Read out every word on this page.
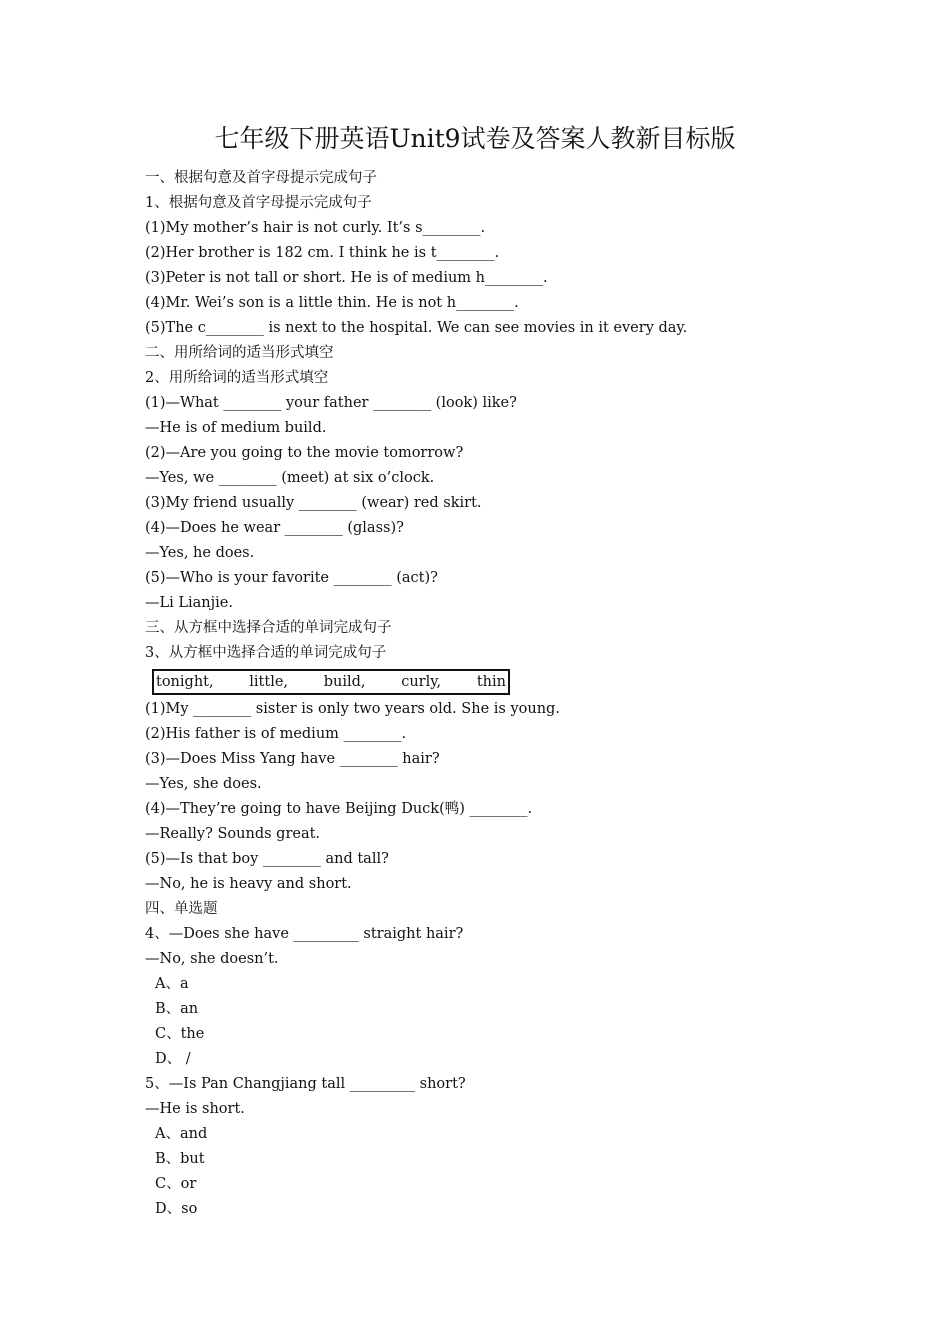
七年级下册英语Unit9试卷及答案人教新目标版
一、根据句意及首字母提示完成句子
1、根据句意及首字母提示完成句子
(1)My mother’s hair is not curly. It’s s________.
(2)Her brother is 182 cm. I think he is t________.
(3)Peter is not tall or short. He is of medium h________.
(4)Mr. Wei’s son is a little thin. He is not h________.
(5)The c________ is next to the hospital. We can see movies in it every day.
二、用所给词的适当形式填空
2、用所给词的适当形式填空
(1)—What ________ your father ________ (look) like?
—He is of medium build.
(2)—Are you going to the movie tomorrow?
—Yes, we ________ (meet) at six o’clock.
(3)My friend usually ________ (wear) red skirt.
(4)—Does he wear ________ (glass)?
—Yes, he does.
(5)—Who is your favorite ________ (act)?
—Li Lianjie.
三、从方框中选择合适的单词完成句子
3、从方框中选择合适的单词完成句子
tonight, little, build, curly, thin
(1)My ________ sister is only two years old. She is young.
(2)His father is of medium ________.
(3)—Does Miss Yang have ________ hair?
—Yes, she does.
(4)—They’re going to have Beijing Duck(鸭) ________.
—Really? Sounds great.
(5)—Is that boy ________ and tall?
—No, he is heavy and short.
四、单选题
4、—Does she have _________ straight hair?
—No, she doesn’t.
A、a
B、an
C、the
D、 /
5、—Is Pan Changjiang tall _________ short?
—He is short.
A、and
B、but
C、or
D、so
